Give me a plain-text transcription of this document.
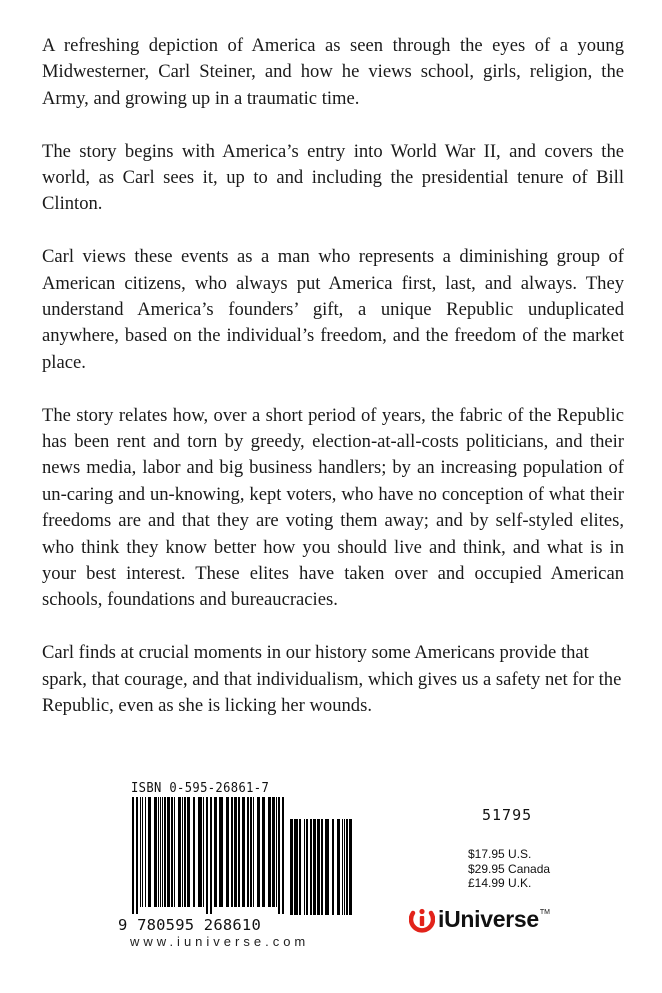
A refreshing depiction of America as seen through the eyes of a young Midwesterner, Carl Steiner, and how he views school, girls, religion, the Army, and growing up in a traumatic time.

The story begins with America’s entry into World War II, and covers the world, as Carl sees it, up to and including the presidential tenure of Bill Clinton.

Carl views these events as a man who represents a diminishing group of American citizens, who always put America first, last, and always. They understand America’s founders’ gift, a unique Republic unduplicated anywhere, based on the individual’s freedom, and the freedom of the market place.

The story relates how, over a short period of years, the fabric of the Republic has been rent and torn by greedy, election-at-all-costs politicians, and their news media, labor and big business handlers; by an increasing population of un-caring and un-knowing, kept voters, who have no conception of what their freedoms are and that they are voting them away; and by self-styled elites, who think they know better how you should live and think, and what is in your best interest. These elites have taken over and occupied American schools, foundations and bureaucracies.

Carl finds at crucial moments in our history some Americans provide that spark, that courage, and that individualism, which gives us a safety net for the Republic, even as she is licking her wounds.

ISBN 0-595-26861-7
51795
9 780595 268610
$17.95 U.S.
$29.95 Canada
£14.99 U.K.
iUniverse TM
www.iuniverse.com
